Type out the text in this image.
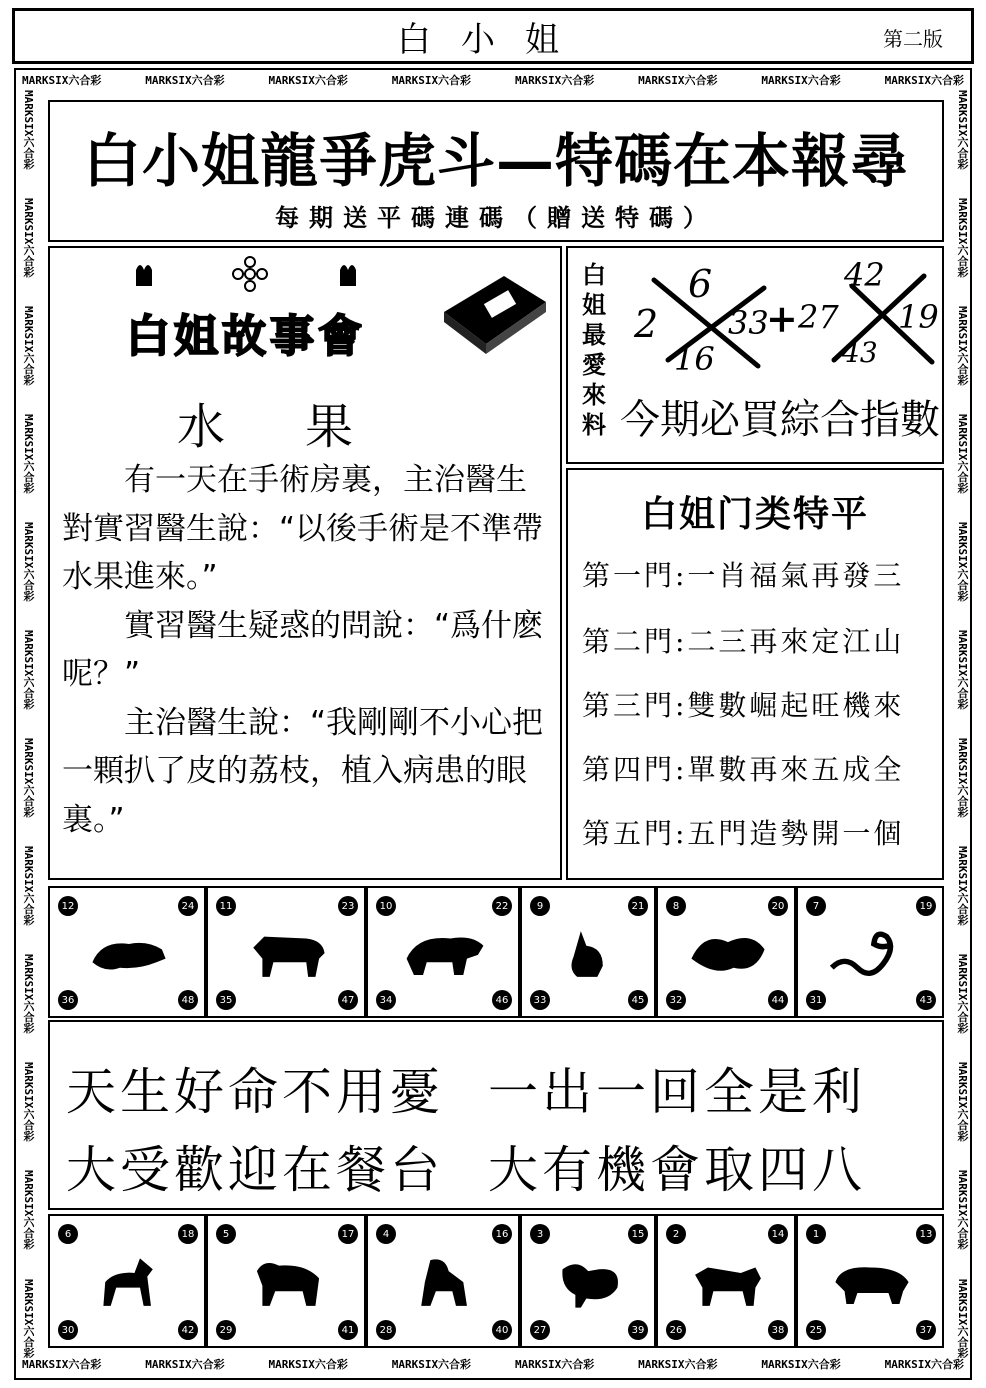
白小姐	第二版
MARKSIX六合彩	MARKSIX六合彩	MARKSIX六合彩	MARKSIX六合彩	MARKSIX六合彩	MARKSIX六合彩	MARKSIX六合彩	MARKSIX六合彩
MARKSIX六合彩	MARKSIX六合彩	MARKSIX六合彩	MARKSIX六合彩	MARKSIX六合彩	MARKSIX六合彩	MARKSIX六合彩	MARKSIX六合彩
MARKSIX六合彩
MARKSIX六合彩
MARKSIX六合彩
MARKSIX六合彩
MARKSIX六合彩
MARKSIX六合彩
MARKSIX六合彩
MARKSIX六合彩
MARKSIX六合彩
MARKSIX六合彩
MARKSIX六合彩
MARKSIX六合彩
MARKSIX六合彩
MARKSIX六合彩
MARKSIX六合彩
MARKSIX六合彩
MARKSIX六合彩
MARKSIX六合彩
MARKSIX六合彩
MARKSIX六合彩
MARKSIX六合彩
MARKSIX六合彩
MARKSIX六合彩
MARKSIX六合彩
白小姐龍爭虎斗—特碼在本報尋
每期送平碼連碼（贈送特碼）
白姐故事會
水果

　　有一天在手術房裏，主治醫生對實習醫生說：“以後手術是不準帶水果進來。”

　　實習醫生疑惑的問說：“爲什麽呢？”

　　主治醫生說：“我剛剛不小心把一顆扒了皮的荔枝，植入病患的眼裏。”

白姐最愛來料
2
6
16
33
+ 27
42
19
43
今期必買綜合指數
白姐门类特平
第一門:一肖福氣再發三
第二門:二三再來定江山
第三門:雙數崛起旺機來
第四門:單數再來五成全
第五門:五門造勢開一個
12	24
36	48
11	23
35	47
10	22
34	46
9	21
33	45
8	20
32	44
7	19
31	43
天生好命不用憂 一出一回全是利
大受歡迎在餐台 大有機會取四八
6	18
30	42
5	17
29	41
4	16
28	40
3	15
27	39
2	14
26	38
1	13
25	37
